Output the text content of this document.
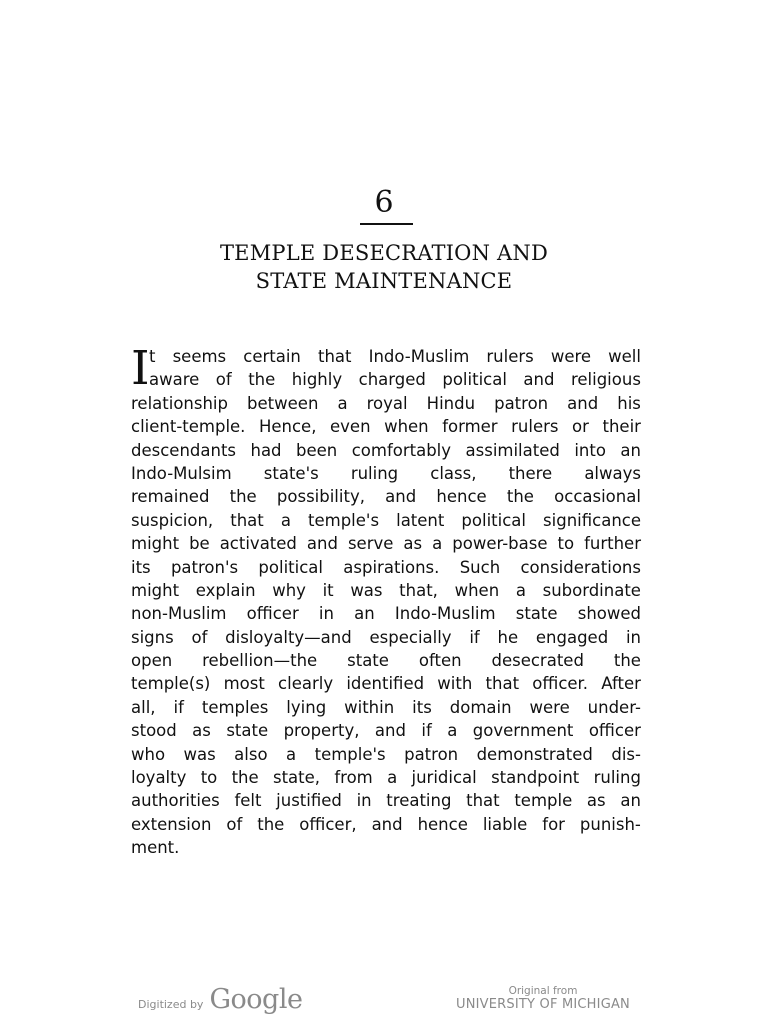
6
TEMPLE DESECRATION AND
STATE MAINTENANCE
I t seems certain that Indo-Muslim rulers were well
aware of the highly charged political and religious
relationship between a royal Hindu patron and his
client-temple. Hence, even when former rulers or their
descendants had been comfortably assimilated into an
Indo-Mulsim state's ruling class, there always
remained the possibility, and hence the occasional
suspicion, that a temple's latent political significance
might be activated and serve as a power-base to further
its patron's political aspirations. Such considerations
might explain why it was that, when a subordinate
non-Muslim officer in an Indo-Muslim state showed
signs of disloyalty—and especially if he engaged in
open rebellion—the state often desecrated the
temple(s) most clearly identified with that officer. After
all, if temples lying within its domain were under-
stood as state property, and if a government officer
who was also a temple's patron demonstrated dis-
loyalty to the state, from a juridical standpoint ruling
authorities felt justified in treating that temple as an
extension of the officer, and hence liable for punish-
ment.
Digitized by Google	Original from
UNIVERSITY OF MICHIGAN
